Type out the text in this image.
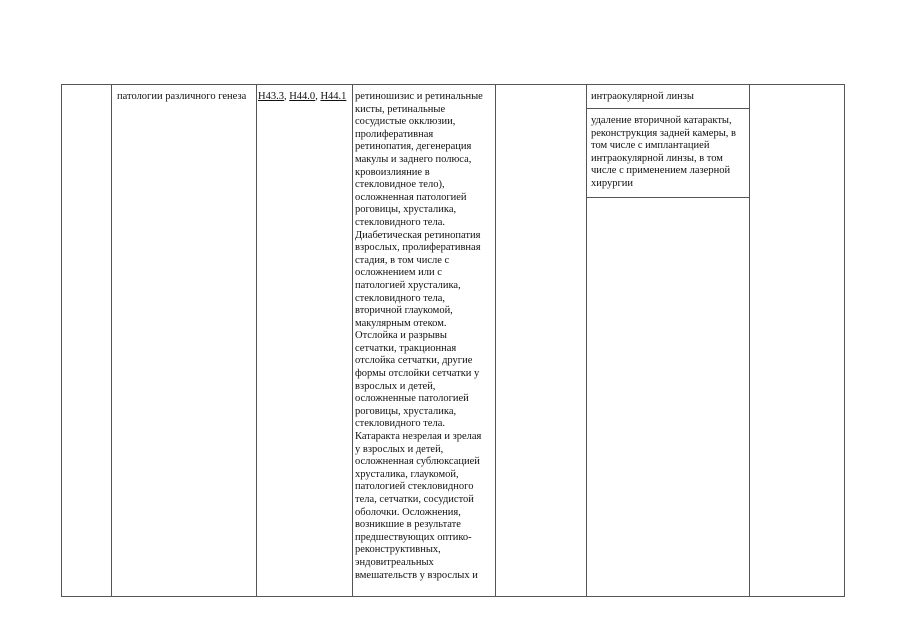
патологии различного генеза H43.3, H44.0, H44.1 ретиношизис и ретинальные
кисты, ретинальные
сосудистые окклюзии,
пролиферативная
ретинопатия, дегенерация
макулы и заднего полюса,
кровоизлияние в
стекловидное тело),
осложненная патологией
роговицы, хрусталика,
стекловидного тела.
Диабетическая ретинопатия
взрослых, пролиферативная
стадия, в том числе с
осложнением или с
патологией хрусталика,
стекловидного тела,
вторичной глаукомой,
макулярным отеком.
Отслойка и разрывы
сетчатки, тракционная
отслойка сетчатки, другие
формы отслойки сетчатки у
взрослых и детей,
осложненные патологией
роговицы, хрусталика,
стекловидного тела.
Катаракта незрелая и зрелая
у взрослых и детей,
осложненная сублюксацией
хрусталика, глаукомой,
патологией стекловидного
тела, сетчатки, сосудистой
оболочки. Осложнения,
возникшие в результате
предшествующих оптико-
реконструктивных,
эндовитреальных
вмешательств у взрослых и
интраокулярной линзы
удаление вторичной катаракты,
реконструкция задней камеры, в
том числе с имплантацией
интраокулярной линзы, в том
числе с применением лазерной
хирургии
